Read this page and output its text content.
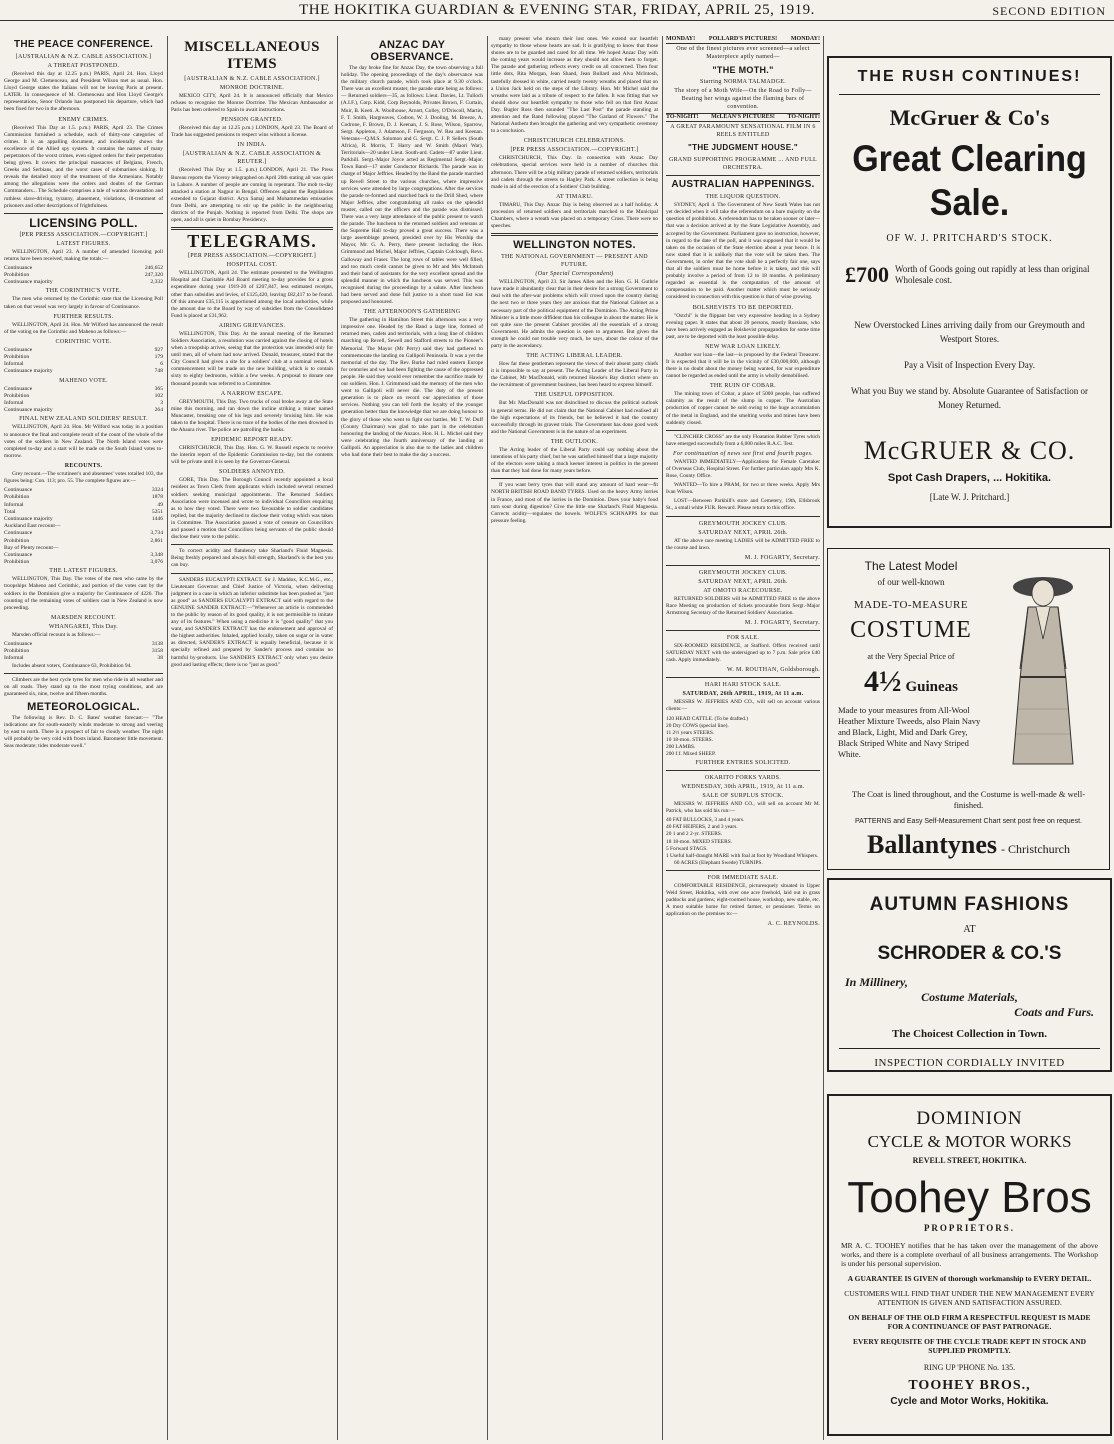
THE HOKITIKA GUARDIAN & EVENING STAR, FRIDAY, APRIL 25, 1919.	SECOND EDITION
THE PEACE CONFERENCE.
[AUSTRALIAN & N.Z. CABLE ASSOCIATION.]
A THREAT POSTPONED.

(Received this day at 12.25 p.m.) PARIS, April 24. Hon. Lloyd George and M. Clemenceau, and President Wilson met as usual. Hon. Lloyd George states the Italians will not be leaving Paris at present. LATER. In consequence of M. Clemenceau and Hon Lloyd George's representations, Senor Orlando has postponed his departure, which had been fixed for two in the afternoon.

ENEMY CRIMES.

(Received This Day at 1.5. p.m.) PARIS, April 23. The Crimes Commission furnished a schedule, each of thirty-one categories of crimes. It is an appalling document, and incidentally shows the excellence of the Allied spy system. It contains the names of many perpetrators of the worst crimes, even signed orders for their perpetration being given. It covers the principal massacres of Belgians, French, Greeks and Serbians, and the worst cases of submarines sinking. It reveals the detailed story of the treatment of the Armenians. Notably among the allegations were the orders and doubts of the German Commanders... The Schedule comprises a tale of wanton devastation and ruthless slave-driving, tyranny, abasement, violations, ill-treatment of prisoners and other descriptions of frightfulness.

LICENSING POLL.
[PER PRESS ASSOCIATION.—COPYRIGHT.]
LATEST FIGURES.

WELLINGTON, April 23. A number of amended licensing poll returns have been received, making the totals:—

Continuance	246,652
Prohibition	247,320
Continuance majority	2,332
THE CORINTHIC'S VOTE.

The men who returned by the Corinthic state that the Licensing Poll taken on that vessel was very largely in favour of Continuance.

FURTHER RESULTS.

WELLINGTON, April 24. Hon. Mr Wilford has announced the result of the voting on the Corinthic and Maheno as follows:—

CORINTHIC VOTE.
Continuance	927
Prohibition	179
Informal	6
Continuance majority	748
MAHENO VOTE.
Continuance	365
Prohibition	102
Informal	3
Continuance majority	264
FINAL NEW ZEALAND SOLDIERS' RESULT.

WELLINGTON, April 24. Hon. Mr Wilford was today in a position to announce the final and complete result of the count of the whole of the votes of the soldiers in New Zealand. The North Island votes were completed to-day and a start will be made on the South Island votes to-morrow.

RECOUNTS.

Grey recount.—The scrutineer's and absentees' votes totalled 103, the figures being: Con. 113; pro. 55. The complete figures are:—

Continuance	3324
Prohibition	1878
Informal	49
Total	5251
Continuance majority	1446
Auckland East recount—	
Continuance	3,734
Prohibition	2,861
Bay of Plenty recount—	
Continuance	3,348
Prohibition	3,076
THE LATEST FIGURES.

WELLINGTON, This Day. The votes of the men who came by the troopships Maheno and Corinthic, and portion of the votes cast by the soldiers in the Dominion give a majority for Continuance of 4226. The counting of the remaining votes of soldiers cast in New Zealand is now proceeding.

MARSDEN RECOUNT.
WHANGAREI, This Day.

Marsden official recount is as follows:—

Continuance	3138
Prohibition	3158
Informal	38

Includes absent voters, Continuance 63, Prohibition 94.

Climbers are the best cycle tyres for men who ride in all weather and on all roads. They stand up to the most trying conditions, and are guaranteed six, nine, twelve and fifteen months.

METEOROLOGICAL.

The following is Rev. D. C. Bates' weather forecast:— "The indications are for south-easterly winds moderate to strong and veering by east to north. There is a prospect of fair to cloudy weather. The night will probably be very cold with frosts inland. Barometer little movement. Seas moderate; tides moderate swell."

MISCELLANEOUS ITEMS
[AUSTRALIAN & N.Z. CABLE ASSOCIATION.]
MONROE DOCTRINE.

MEXICO CITY, April 24. It is announced officially that Mexico refuses to recognise the Monroe Doctrine. The Mexican Ambassador at Paris has been ordered to Spain to await instructions.

PENSION GRANTED.

(Received this day at 12.25 p.m.) LONDON, April 23. The Board of Trade has suggested pensions to respect wins without a license.

IN INDIA.
[AUSTRALIAN & N.Z. CABLE ASSOCIATION & REUTER.]

(Received This Day at 1.5. p.m.) LONDON, April 21. The Press Bureau reports the Viceroy telegraphed on April 20th stating all was quiet in Lahore. A number of people are coming in repentant. The mob to-day attacked a station at Nagpur in Bengal. Offences against the Regulations extended to Gujarat district. Arya Samaj and Mohammedan emissaries from Delhi, are attempting to stir up the public in the neighbouring districts of the Punjab. Nothing is reported from Delhi. The shops are open, and all is quiet in Bombay Presidency.

TELEGRAMS.
[PER PRESS ASSOCIATION.—COPYRIGHT.]
HOSPITAL COST.

WELLINGTON, April 24. The estimate presented to the Wellington Hospital and Charitable Aid Board meeting to-day provides for a gross expenditure during year 1919-20 of £207,847, less estimated receipts, other than subsidies and levies, of £125,420, leaving £82,417 to be found. Of this amount £35,115 is apportioned among the local authorities, while the amount due to the Board by way of subsidies from the Consolidated Fund is placed at £31,962.

AIRING GRIEVANCES.

WELLINGTON, This Day. At the annual meeting of the Returned Soldiers Association, a resolution was carried against the closing of hotels when a troopship arrives, seeing that the protection was intended only for until men, all of whom had now arrived. Donald, treasurer, stated that the City Council had given a site for a soldiers' club at a nominal rental. A commencement will be made on the new building, which is to contain sixty to eighty bedrooms, within a few weeks. A proposal to donate one thousand pounds was referred to a Committee.

A NARROW ESCAPE.

GREYMOUTH, This Day. Two trucks of coal broke away at the State mine this morning, and ran down the incline striking a miner named Muncaster, breaking one of his legs and severely bruising him. He was taken to the hospital. There is no trace of the bodies of the men drowned in the Ahaura river. The police are patrolling the banks.

EPIDEMIC REPORT READY.

CHRISTCHURCH, This Day. Hon. G. W. Russell expects to receive the interim report of the Epidemic Commission to-day, but the contents will be private until it is seen by the Governor-General.

SOLDIERS ANNOYED.

GORE, This Day. The Borough Council recently appointed a local resident as Town Clerk from applicants which included several returned soldiers seeking municipal appointments. The Returned Soldiers Association were incensed and wrote to individual Councillors enquiring as to how they voted. There were two favourable to soldier candidates replied, but the majority declined to disclose their voting which was taken in Committee. The Association passed a vote of censure on Councillors and passed a motion that Councillors being servants of the public should disclose their vote to the public.

To correct acidity and flatulency take Sharland's Fluid Magnesia. Being freshly prepared and always full strength, Sharland's is the best you can buy.

SANDERS EUCALYPTI EXTRACT. Sir J. Maddox, K.C.M.G., etc., Lieutenant Governor and Chief Justice of Victoria, when delivering judgment in a case in which an inferior substitute has been pushed as "just as good" as SANDERS EUCALYPTI EXTRACT said with regard to the GENUINE SANDER EXTRACT:—"Whenever an article is commended to the public by reason of its good quality, it is not permissible to imitate any of its features." When using a medicine it is "good quality" that you want, and SANDER'S EXTRACT has the endorsement and approval of the highest authorities. Inhaled, applied locally, taken on sugar or in water as directed, SANDER'S EXTRACT is equally beneficial, because it is specially refined and prepared by Sander's process and contains no harmful by-products. Use SANDER'S EXTRACT only when you desire good and lasting effects; there is no "just as good."

ANZAC DAY OBSERVANCE.

The day broke fine for Anzac Day, the town observing a full holiday. The opening proceedings of the day's observance was the military church parade, which took place at 9.30 o'clock. There was an excellent muster, the parade state being as follows:— Returned soldiers—35, as follows: Lieut. Davies, Lt. Tulloch (A.I.F.), Corp. Kidd, Corp Reynolds, Privates Brown, F. Curtain, Muir, B. Keeti. A. Woolhouse, Arnott, Colley, O'Driscoll, Martin, F. T. Smith, Hargreaves, Codron, W. J. Dooling, M. Breeze, A. Codrone, F. Brown, D. J. Keenan, J. S. Rose, Wilson, Sparrow, Sergt. Appleton, J. Adamson, F. Ferguson, W. Rea and Keenan. Veterans—Q.M.S. Solomon and G. Sergt. C. J. P. Sellers (South Africa), R. Morris, T. Harry and W. Smith (Maori War). Territorials—20 under Lieut. South-ard. Cadets—87 under Lieut. Parkhill. Sergt.-Major Joyce acted as Regimental Sergt.-Major. Town Band—17 under Conductor Richards. The parade was in charge of Major Jeffries. Headed by the Band the parade marched up Revell Street to the various churches, where impressive services were attended by large congregations. After the services the parade re-formed and marched back to the Drill Shed, where Major Jeffries, after congratulating all ranks on the splendid muster, called out the officers and the parade was dismissed. There was a very large attendance of the public present to watch the parade. The luncheon to the returned soldiers and veterans at the Supreme Hall to-day proved a great success. There was a large assemblage present, presided over by His Worship the Mayor, Mr. G. A. Perry, there present including the Hon. Grimmond and Michel, Major Jeffries, Captain Colclough, Revs. Galloway and Fraser. The long rows of tables were well filled, and too much credit cannot be given to Mr and Mrs McIntosh and their band of assistants for the very excellent spread and the splendid manner in which the luncheon was served. This was recognised during the proceedings by a salute. After luncheon had been served and done full justice to a short toast list was proposed and honoured.

THE AFTERNOON'S GATHERING

The gathering in Hamilton Street this afternoon was a very impressive one. Headed by the Band a large line, formed of returned men, cadets and territorials, with a long line of children marching up Revell, Sewell and Stafford streets to the Pioneer's Memorial. The Mayor (Mr Perry) said they had gathered to commemorate the landing on Gallipoli Peninsula. It was a yet the memorial of the day. The Rev. Burke had ruled eastern Europe for centuries and we had been fighting the cause of the oppressed people. He said they would ever remember the sacrifice made by our soldiers. Hon. J. Grimmond said the memory of the men who went to Gallipoli will never die. The duty of the present generation is to place on record our appreciation of those services. Nothing you can tell forth the loyalty of the younger generation better than the knowledge that we are doing honour to the glory of those who went to fight our battles. Mr T. W. Duff (County Chairman) was glad to take part in the celebration honouring the landing of the Anzacs. Hon. H. L. Michel said they were celebrating the fourth anniversary of the landing at Gallipoli. An appreciation is also due to the ladies and children who had done their best to make the day a success.

many present who mourn their lost ones. We extend our heartfelt sympathy to those whose hearts are sad. It is gratifying to know that those shores are to be guarded and cared for all time. We hoped Anzac Day with the coming years would increase as they should not allow them to forget. The parade and gathering reflects every credit on all concerned. Then four little dots, Rita Morgan, Jean Shand, Jean Bullard and Alva McIntosh, tastefully dressed in white, carried nearly twenty wreaths and placed that on a Union Jack held on the steps of the Library. Hon. Mr Michel said the wreaths were laid as a tribute of respect to the fallen. It was fitting that we should show our heartfelt sympathy to those who fell on that first Anzac Day. Bugler Ross then sounded "The Last Post" the parade standing at attention and the Band following played "The Garland of Flowers." The National Anthem then brought the gathering and very sympathetic ceremony to a conclusion.

CHRISTCHURCH CELEBRATIONS.
[PER PRESS ASSOCIATION.—COPYRIGHT.]

CHRISTCHURCH, This Day. In connection with Anzac Day celebrations, special services were held in a number of churches this afternoon. There will be a big military parade of returned soldiers, territorials and cadets through the streets to Hagley Park. A street collection is being made in aid of the erection of a Soldiers' Club building.

AT TIMARU.

TIMARU, This Day. Anzac Day is being observed as a half holiday. A procession of returned soldiers and territorials marched to the Municipal Chambers, where a wreath was placed on a temporary Cross. There were no speeches.

WELLINGTON NOTES.
THE NATIONAL GOVERNMENT — PRESENT AND FUTURE.
(Our Special Correspondent)

WELLINGTON, April 23. Sir James Allen and the Hon. G. H. Guthrie have made it abundantly clear that in their desire for a strong Government to deal with the after-war problems which will crowd upon the country during the next two or three years they are anxious that the National Cabinet as a necessary part of the political equipment of the Dominion. The Acting Prime Minister is a little more diffident than his colleague in about the matter. He is not quite sure the present Cabinet provides all the essentials of a strong Government. He admits the question is open to argument. But given the strength he could not trouble very much, he says, about the colour of the party in the ascendancy.

THE ACTING LIBERAL LEADER.

How far these gentlemen represent the views of their absent party chiefs it is impossible to say at present. The Acting Leader of the Liberal Party in the Cabinet, Mr MacDonald, with returned Hawke's Bay district where on the recruitment of government business, has been heard to express himself.

THE USEFUL OPPOSITION.

But Mr. MacDonald was not disinclined to discuss the political outlook in general terms. He did not claim that the National Cabinet had realised all the high expectations of its friends, but he believed it had the country successfully through its gravest trials. The Government has done good work and the National Government is in the nature of an experiment.

THE OUTLOOK.

The Acting leader of the Liberal Party could say nothing about the intentions of his party chief, but he was satisfied himself that a large majority of the electors were taking a much keener interest in politics in the present than that they had done for many years before.

If you want berry tyres that will stand any amount of hard wear—fit NORTH BRITISH ROAD BAND TYRES. Used on the heavy Army lorries in France, and most of the lorries in the Dominion. Does your baby's food turn sour during digestion? Give the little one Sharland's Fluid Magnesia. Corrects acidity—regulates the bowels. WOLFE'S SCHNAPPS for that pressure feeling.

MONDAY! POLLARD'S PICTURES! MONDAY!
One of the finest pictures ever screened—a select Masterpiece aptly named—
"THE MOTH."
Starring NORMA TALMADGE.
The story of a Moth Wife—On the Road to Folly—Beating her wings against the flaming bars of convention.
TO-NIGHT! McLEAN'S PICTURES! TO-NIGHT!
A GREAT PARAMOUNT SENSATIONAL FILM IN 6 REELS ENTITLED
"THE JUDGMENT HOUSE."
GRAND SUPPORTING PROGRAMME ... AND FULL ORCHESTRA.
AUSTRALIAN HAPPENINGS.
THE LIQUOR QUESTION.

SYDNEY, April 4. The Government of New South Wales has not yet decided when it will take the referendum on a bare majority on the question of prohibition. A referendum has to be taken sooner or later—that was a decision arrived at by the State Legislative Assembly, and accepted by the Government. Parliament gave no instruction, however, in regard to the date of the poll, and it was supposed that it would be taken on the occasion of the State election about a year hence. It is now stated that it is unlikely that the vote will be taken then. The Government, in order that the vote shall be a perfectly fair one, says that all the soldiers must be home before it is taken, and this will probably involve a period of from 12 to 18 months. A preliminary regarded as essential is the computation of the amount of compensation to be paid. Another matter which must be seriously considered in connection with this question is that of wine growing.

BOLSHEVISTS TO BE DEPORTED.

"Ostchi" is the flippant but very expressive heading in a Sydney evening paper. It states that about 20 persons, mostly Russians, who have been actively engaged as Bolshevist propagandists for some time past, are to be deported with the least possible delay.

NEW WAR LOAN LIKELY.

Another war loan—the last—is proposed by the Federal Treasurer. It is expected that it will be in the vicinity of £30,000,000, although there is no doubt about the money being wanted, for war expenditure cannot be regarded as ended until the army is wholly demobilised.

THE RUIN OF COBAR.

The mining town of Cobar, a place of 5000 people, has suffered calamity as the result of the slump in copper. The Australian production of copper cannot be sold owing to the huge accumulation of the metal in England, and the smelting works and mines have been suddenly closed.

"CLINCHER CROSS" are the only Floatation Rubber Tyres which have emerged successfully from a 6,000 miles R.A.C. Test.

For continuation of news see first and fourth pages.

WANTED IMMEDIATELY—Applications for Female Caretaker of Overseas Club, Hospital Street. For further particulars apply Mrs K. Rose, County Office.

WANTED—To hire a PRAM, for two or three weeks. Apply Mrs Ivan Wilson.

LOST—Between Parkhill's store and Cemetery, 19th, Ellsbrook St., a small white FUR. Reward. Please return to this office.

GREYMOUTH JOCKEY CLUB.
SATURDAY NEXT, APRIL 26th.

AT the above race meeting LADIES will be ADMITTED FREE to the course and lawn.

M. J. FOGARTY, Secretary.
GREYMOUTH JOCKEY CLUB.
SATURDAY NEXT, APRIL 26th.
AT OMOTO RACECOURSE.

RETURNED SOLDIERS will be ADMITTED FREE to the above Race Meeting on production of tickets procurable from Sergt.-Major Armstrong Secretary of the Returned Soldiers' Association.

M. J. FOGARTY, Secretary.
FOR SALE.

SIX-ROOMED RESIDENCE, at Stafford. Offers received until SATURDAY NEXT with the undersigned up to 7 p.m. Sale price £40 cash. Apply immediately.

W. M. ROUTHAN, Goldsborough.
HARI HARI STOCK SALE.
SATURDAY, 26th APRIL, 1919, At 11 a.m.

MESSRS W. JEFFRIES AND CO., will sell on account various clients:—

120 HEAD CATTLE. (To be drafted.)
20 Dry COWS (special line).
11 2½ years STEERS.
10 18-mon. STEERS.
200 LAMBS.
200 f.f. Mixed SHEEP.
FURTHER ENTRIES SOLICITED.
OKARITO FORKS YARDS.
WEDNESDAY, 30th APRIL, 1919, At 11 a.m.
SALE OF SURPLUS STOCK.

MESSRS W. JEFFRIES AND CO., will sell on account Mr M. Patrick, who has sold his run:—

40 FAT BULLOCKS, 3 and 4 years.
40 FAT HEIFERS, 2 and 3 years.
20 1 and 2 2-yr. STEERS.
18 18-mon. MIXED STEERS.
5 Forward STAGS.
1 Useful half-draught MARE with foal at foot by Woodland Whispers.

60 ACRES (Elephant Swede) TURNIPS.

FOR IMMEDIATE SALE.

COMFORTABLE RESIDENCE, picturesquely situated in Upper Weld Street, Hokitika, with over one acre freehold, laid out in grass paddocks and gardens; eight-roomed house, workshop, new stable, etc. A most suitable home for retired farmer, or pensioner. Terms on application on the premises to:—

A. C. REYNOLDS.
THE RUSH CONTINUES!
McGruer & Co's
Great Clearing Sale.
OF W. J. PRITCHARD'S STOCK.
£700 Worth of Goods going out rapidly at less than original Wholesale cost.
New Overstocked Lines arriving daily from our Greymouth and Westport Stores.
Pay a Visit of Inspection Every Day.
What you Buy we stand by. Absolute Guarantee of Satisfaction or Money Returned.
McGRUER & CO.
Spot Cash Drapers, ... Hokitika.
[Late W. J. Pritchard.]
The Latest Model
of our well-known
MADE-TO-MEASURE
COSTUME
at the Very Special Price of
4½ Guineas
Made to your measures from All-Wool Heather Mixture Tweeds, also Plain Navy and Black, Light, Mid and Dark Grey, Black Striped White and Navy Striped White.
The Coat is lined throughout, and the Costume is well-made & well-finished.
PATTERNS and Easy Self-Measurement Chart sent post free on request.
Ballantynes - Christchurch
AUTUMN FASHIONS
AT
SCHRODER & CO.'S
In Millinery,
Costume Materials,
Coats and Furs.
The Choicest Collection in Town.
INSPECTION CORDIALLY INVITED
DOMINION
CYCLE & MOTOR WORKS
REVELL STREET, HOKITIKA.
Toohey Bros
PROPRIETORS.
MR A. C. TOOHEY notifies that he has taken over the management of the above works, and there is a complete overhaul of all business arrangements. The Workshop is under his personal supervision.
A GUARANTEE IS GIVEN of thorough workmanship to EVERY DETAIL.
CUSTOMERS WILL FIND THAT UNDER THE NEW MANAGEMENT EVERY ATTENTION IS GIVEN AND SATISFACTION ASSURED.
ON BEHALF OF THE OLD FIRM A RESPECTFUL REQUEST IS MADE FOR A CONTINUANCE OF PAST PATRONAGE.
EVERY REQUISITE OF THE CYCLE TRADE KEPT IN STOCK AND SUPPLIED PROMPTLY.
RING UP 'PHONE No. 135.
TOOHEY BROS.,
Cycle and Motor Works, Hokitika.
